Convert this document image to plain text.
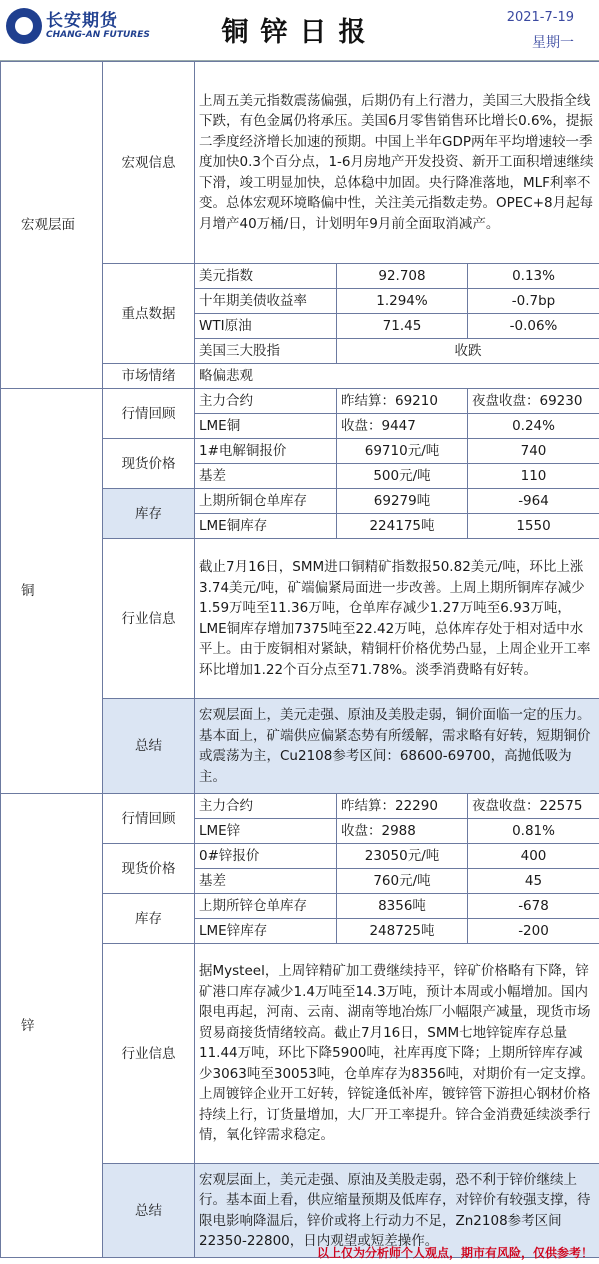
长安期货
CHANG-AN FUTURES	铜锌日报	2021-7-19
星期一
宏观层面	宏观信息	上周五美元指数震荡偏强，后期仍有上行潜力，美国三大股指全线下跌，有色金属仍将承压。美国6月零售销售环比增长0.6%，提振二季度经济增长加速的预期。中国上半年GDP两年平均增速较一季度加快0.3个百分点，1-6月房地产开发投资、新开工面积增速继续下滑，竣工明显加快，总体稳中加固。央行降准落地，MLF利率不变。总体宏观环境略偏中性，关注美元指数走势。OPEC+8月起每月增产40万桶/日，计划明年9月前全面取消减产。		
	重点数据	美元指数	92.708	0.13%
		十年期美债收益率	1.294%	-0.7bp
		WTI原油	71.45	-0.06%
		美国三大股指	收跌	
	市场情绪	略偏悲观		
铜	行情回顾	主力合约	昨结算：69210	夜盘收盘：69230
		LME铜	收盘：9447	0.24%
	现货价格	1#电解铜报价	69710元/吨	740
		基差	500元/吨	110
	库存	上期所铜仓单库存	69279吨	-964
		LME铜库存	224175吨	1550
	行业信息	截止7月16日，SMM进口铜精矿指数报50.82美元/吨，环比上涨3.74美元/吨，矿端偏紧局面进一步改善。上周上期所铜库存减少1.59万吨至11.36万吨，仓单库存减少1.27万吨至6.93万吨，LME铜库存增加7375吨至22.42万吨，总体库存处于相对适中水平上。由于废铜相对紧缺，精铜杆价格优势凸显，上周企业开工率环比增加1.22个百分点至71.78%。淡季消费略有好转。		
	总结	宏观层面上，美元走强、原油及美股走弱，铜价面临一定的压力。基本面上，矿端供应偏紧态势有所缓解，需求略有好转，短期铜价或震荡为主，Cu2108参考区间：68600-69700，高抛低吸为主。		
锌	行情回顾	主力合约	昨结算：22290	夜盘收盘：22575
		LME锌	收盘：2988	0.81%
	现货价格	0#锌报价	23050元/吨	400
		基差	760元/吨	45
	库存	上期所锌仓单库存	8356吨	-678
		LME锌库存	248725吨	-200
	行业信息	据Mysteel，上周锌精矿加工费继续持平，锌矿价格略有下降，锌矿港口库存减少1.4万吨至14.3万吨，预计本周或小幅增加。国内限电再起，河南、云南、湖南等地冶炼厂小幅限产减量，现货市场贸易商接货情绪较高。截止7月16日，SMM七地锌锭库存总量11.44万吨，环比下降5900吨，社库再度下降；上期所锌库存减少3063吨至30053吨，仓单库存为8356吨，对期价有一定支撑。上周镀锌企业开工好转，锌锭逢低补库，镀锌管下游担心钢材价格持续上行，订货量增加，大厂开工率提升。锌合金消费延续淡季行情，氧化锌需求稳定。		
	总结	宏观层面上，美元走强、原油及美股走弱，恐不利于锌价继续上行。基本面上看，供应缩量预期及低库存，对锌价有较强支撑，待限电影响降温后，锌价或将上行动力不足，Zn2108参考区间22350-22800，日内观望或短差操作。		
以上仅为分析师个人观点，期市有风险，仅供参考！
